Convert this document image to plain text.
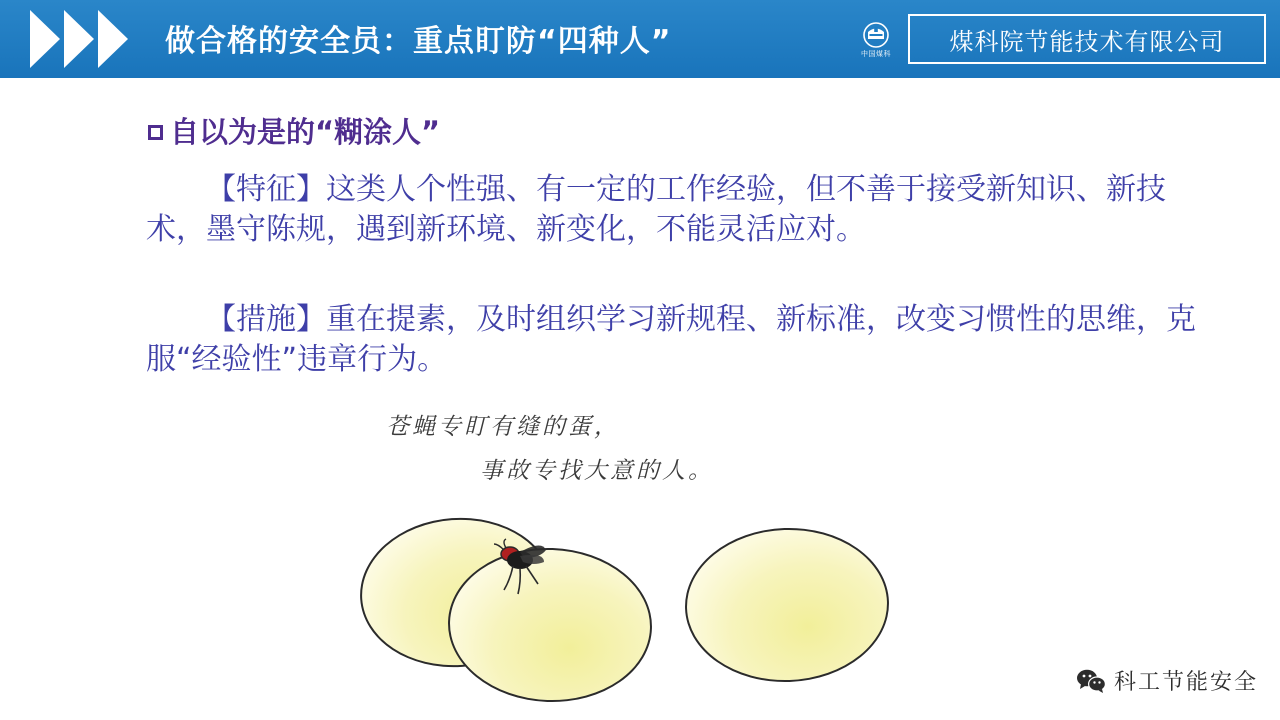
做合格的安全员：重点盯防“四种人”	中国煤科 煤科院节能技术有限公司
自以为是的“糊涂人”
【特征】这类人个性强、有一定的工作经验，但不善于接受新知识、新技术，墨守陈规，遇到新环境、新变化，不能灵活应对。
【措施】重在提素，及时组织学习新规程、新标准，改变习惯性的思维，克服“经验性”违章行为。
苍蝇专盯有缝的蛋，
事故专找大意的人。
科工节能安全
